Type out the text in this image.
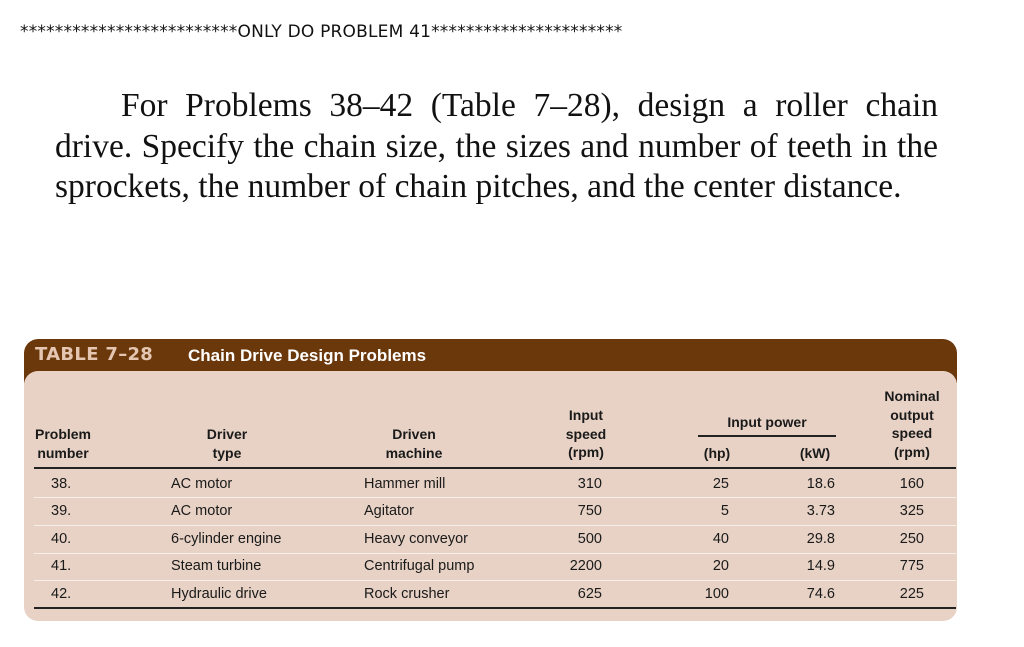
*************************ONLY DO PROBLEM 41**********************
For Problems 38–42 (Table 7–28), design a roller chain drive. Specify the chain size, the sizes and number of teeth in the sprockets, the number of chain pitches, and the center distance.
TABLE 7–28 Chain Drive Design Problems
Problem
number
Driver
type
Driven
machine
Input
speed
(rpm)
Input power
(hp)	(kW)
Nominal
output
speed
(rpm)
38.	AC motor	Hammer mill	310	25	18.6	160
39.	AC motor	Agitator	750	5	3.73	325
40.	6-cylinder engine	Heavy conveyor	500	40	29.8	250
41.	Steam turbine	Centrifugal pump	2200	20	14.9	775
42.	Hydraulic drive	Rock crusher	625	100	74.6	225
